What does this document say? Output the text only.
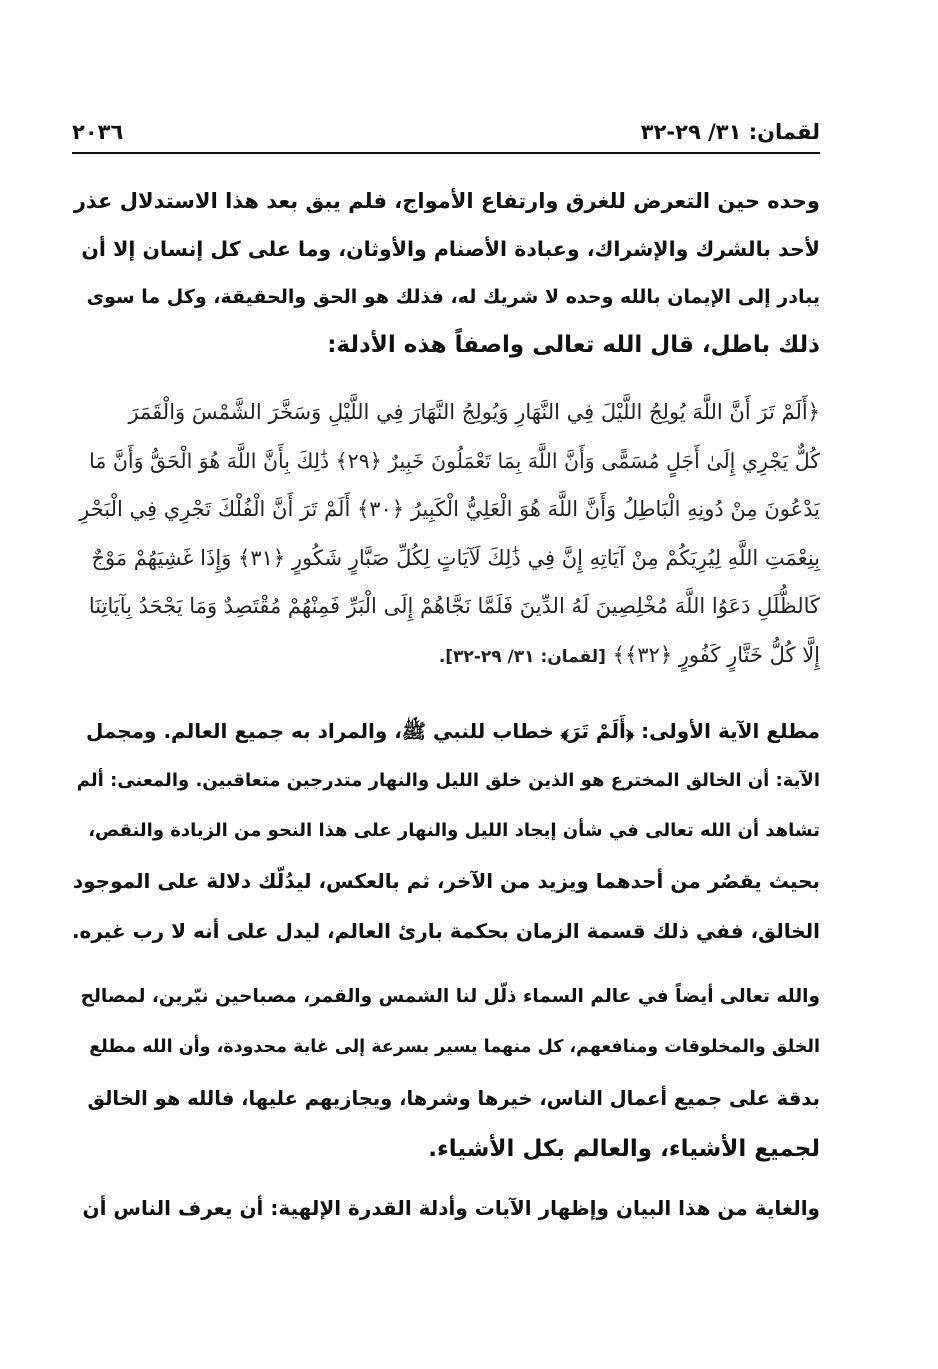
٢٠٣٦	لقمان: ٣١/ ٢٩-٣٢
وحده حين التعرض للغرق وارتفاع الأمواج، فلم يبق بعد هذا الاستدلال عذر
لأحد بالشرك والإشراك، وعبادة الأصنام والأوثان، وما على كل إنسان إلا أن
يبادر إلى الإيمان بالله وحده لا شريك له، فذلك هو الحق والحقيقة، وكل ما سوى
ذلك باطل، قال الله تعالى واصفاً هذه الأدلة:
﴿أَلَمْ تَرَ أَنَّ اللَّهَ يُولِجُ اللَّيْلَ فِي النَّهَارِ وَيُولِجُ النَّهَارَ فِي اللَّيْلِ وَسَخَّرَ الشَّمْسَ وَالْقَمَرَ
كُلٌّ يَجْرِي إِلَىٰ أَجَلٍ مُسَمًّى وَأَنَّ اللَّهَ بِمَا تَعْمَلُونَ خَبِيرٌ ﴿٢٩﴾ ذَٰلِكَ بِأَنَّ اللَّهَ هُوَ الْحَقُّ وَأَنَّ مَا
يَدْعُونَ مِنْ دُونِهِ الْبَاطِلُ وَأَنَّ اللَّهَ هُوَ الْعَلِيُّ الْكَبِيرُ ﴿٣٠﴾ أَلَمْ تَرَ أَنَّ الْفُلْكَ تَجْرِي فِي الْبَحْرِ
بِنِعْمَتِ اللَّهِ لِيُرِيَكُمْ مِنْ آيَاتِهِ إِنَّ فِي ذَٰلِكَ لَآيَاتٍ لِكُلِّ صَبَّارٍ شَكُورٍ ﴿٣١﴾ وَإِذَا غَشِيَهُمْ مَوْجٌ
كَالظُّلَلِ دَعَوُا اللَّهَ مُخْلِصِينَ لَهُ الدِّينَ فَلَمَّا نَجَّاهُمْ إِلَى الْبَرِّ فَمِنْهُمْ مُقْتَصِدٌ وَمَا يَجْحَدُ بِآيَاتِنَا
إِلَّا كُلُّ خَتَّارٍ كَفُورٍ ﴿٣٢﴾﴾ [لقمان: ٣١/ ٢٩-٣٢].
مطلع الآية الأولى: ﴿أَلَمْ تَرَ﴾ خطاب للنبي ﷺ، والمراد به جميع العالم. ومجمل
الآية: أن الخالق المخترع هو الذين خلق الليل والنهار متدرجين متعاقبين. والمعنى: ألم
تشاهد أن الله تعالى في شأن إيجاد الليل والنهار على هذا النحو من الزيادة والنقص،
بحيث يقصُر من أحدهما ويزيد من الآخر، ثم بالعكس، ليدُلّك دلالة على الموجود
الخالق، ففي ذلك قسمة الزمان بحكمة بارئ العالم، ليدل على أنه لا رب غيره.
والله تعالى أيضاً في عالم السماء ذلّل لنا الشمس والقمر، مصباحين نيّرين، لمصالح
الخلق والمخلوقات ومنافعهم، كل منهما يسير بسرعة إلى غاية محدودة، وأن الله مطلع
بدقة على جميع أعمال الناس، خيرها وشرها، ويجازيهم عليها، فالله هو الخالق
لجميع الأشياء، والعالم بكل الأشياء.
والغاية من هذا البيان وإظهار الآيات وأدلة القدرة الإلهية: أن يعرف الناس أن
